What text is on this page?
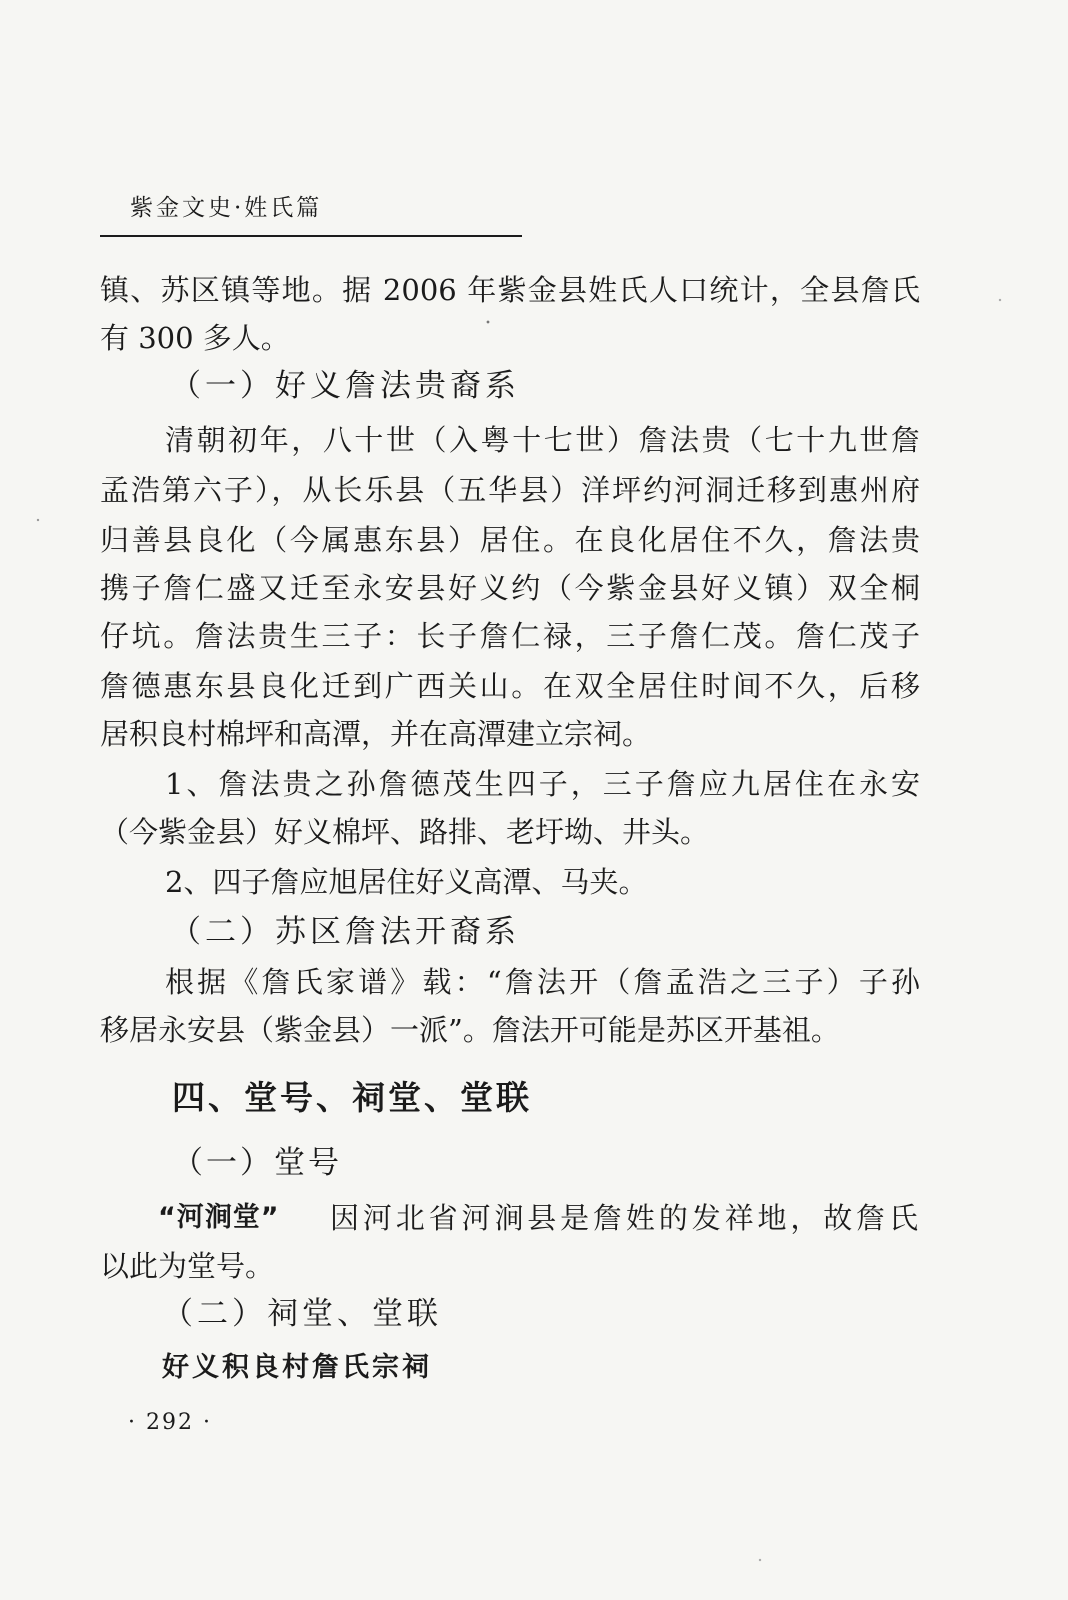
紫金文史·姓氏篇
镇、苏区镇等地。据 2006 年紫金县姓氏人口统计，全县詹氏
有 300 多人。
（一）好义詹法贵裔系
清朝初年，八十世（入粤十七世）詹法贵（七十九世詹
孟浩第六子），从长乐县（五华县）洋坪约河洞迁移到惠州府
归善县良化（今属惠东县）居住。在良化居住不久，詹法贵
携子詹仁盛又迁至永安县好义约（今紫金县好义镇）双全桐
仔坑。詹法贵生三子：长子詹仁禄，三子詹仁茂。詹仁茂子
詹德惠东县良化迁到广西关山。在双全居住时间不久，后移
居积良村棉坪和高潭，并在高潭建立宗祠。
1、詹法贵之孙詹德茂生四子，三子詹应九居住在永安
（今紫金县）好义棉坪、路排、老圩坳、井头。
2、四子詹应旭居住好义高潭、马夹。
（二）苏区詹法开裔系
根据《詹氏家谱》载：“詹法开（詹孟浩之三子）子孙
移居永安县（紫金县）一派”。詹法开可能是苏区开基祖。
四、堂号、祠堂、堂联
（一）堂号
“河涧堂” 因河北省河涧县是詹姓的发祥地，故詹氏
以此为堂号。
（二）祠堂、堂联
好义积良村詹氏宗祠
· 292 ·
